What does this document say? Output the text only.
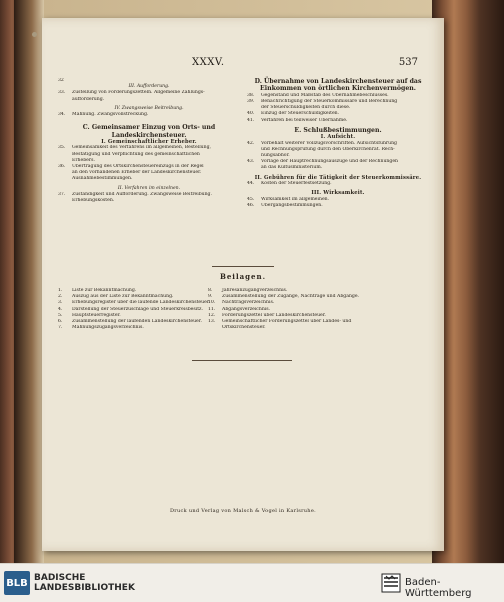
XXXV.	537
32
III. Aufforderung.
33. Zustellung von Forderungszetteln. Allgemeine Zahlungs-
aufforderung.
IV. Zwangsweise Beitreibung.
34. Mahnung. Zwangsvollstreckung.
C. Gemeinsamer Einzug von Orts- und
Landeskirchensteuer.
I. Gemeinschaftlicher Erheber.
35. Gemeinsamkeit des Verfahrens im allgemeinen, Bestellung,
Bestätigung und Verpflichtung des gemeinschaftlichen
Erhebers.
36. Übertragung des Ortskirchensteuereinzugs in der Regel
an den vorhandenen Erheber der Landeskirchensteuer.
Ausnahmebestimmungen.
II. Verfahren im einzelnen.
37. Zuständigkeit und Aufforderung. Zwangsweise Beitreibung.
Erhebungskosten.
D. Übernahme von Landeskirchensteuer auf das
Einkommen von örtlichen Kirchenvermögen.
38. Gegenstand und Maßstab des Übernahmebeschlusses.
39. Benachrichtigung der Steuerkommissäre und Berechnung
der Steuerschuldigkeiten durch diese.
40. Einzug der Steuerschuldigkeiten.
41. Verfahren bei teilweiser Übernahme.
E. Schlußbestimmungen.
I. Aufsicht.
42. Vorbehalt weiterer Vollzugsvorschriften. Aufsichtsführung
und Rechnungsprüfung durch den Oberkirchenrat. Rech-
nungsabhör.
43. Vorlage der Hauptrechnungsauszüge und der Rechnungen
an das Kultusministerium.
II. Gebühren für die Tätigkeit der Steuerkommissäre.
44. Kosten der Steuerfestsetzung.
III. Wirksamkeit.
45. Wirksamkeit im allgemeinen.
46. Übergangsbestimmungen.
Beilagen.
1. Liste zur Bekanntmachung.
2. Auszug aus der Liste zur Bekanntmachung.
3. Erhebungsregister über die laufende Landeskirchensteuer.
4. Darstellung der Steuerzuschläge und Steuerkreisbesitz.
5. Hauptsteuerregister.
6. Zusammenstellung der laufenden Landeskirchensteuer.
7. Mahnungszugangsverzeichnis.
8. Jahresanzugangverzeichnis.
9. Zusammenstellung der Zugänge, Nachträge und Abgänge.
10. Nachtragsverzeichnis.
11. Abgangsverzeichnis.
12. Forderungszettel über Landeskirchensteuer.
13. Gemeinschaftlicher Forderungszettel über Landes- und
Ortskirchensteuer.
Druck und Verlag von Malsch & Vogel in Karlsruhe.
BLB BADISCHE
LANDESBIBLIOTHEK	Baden-Württemberg
